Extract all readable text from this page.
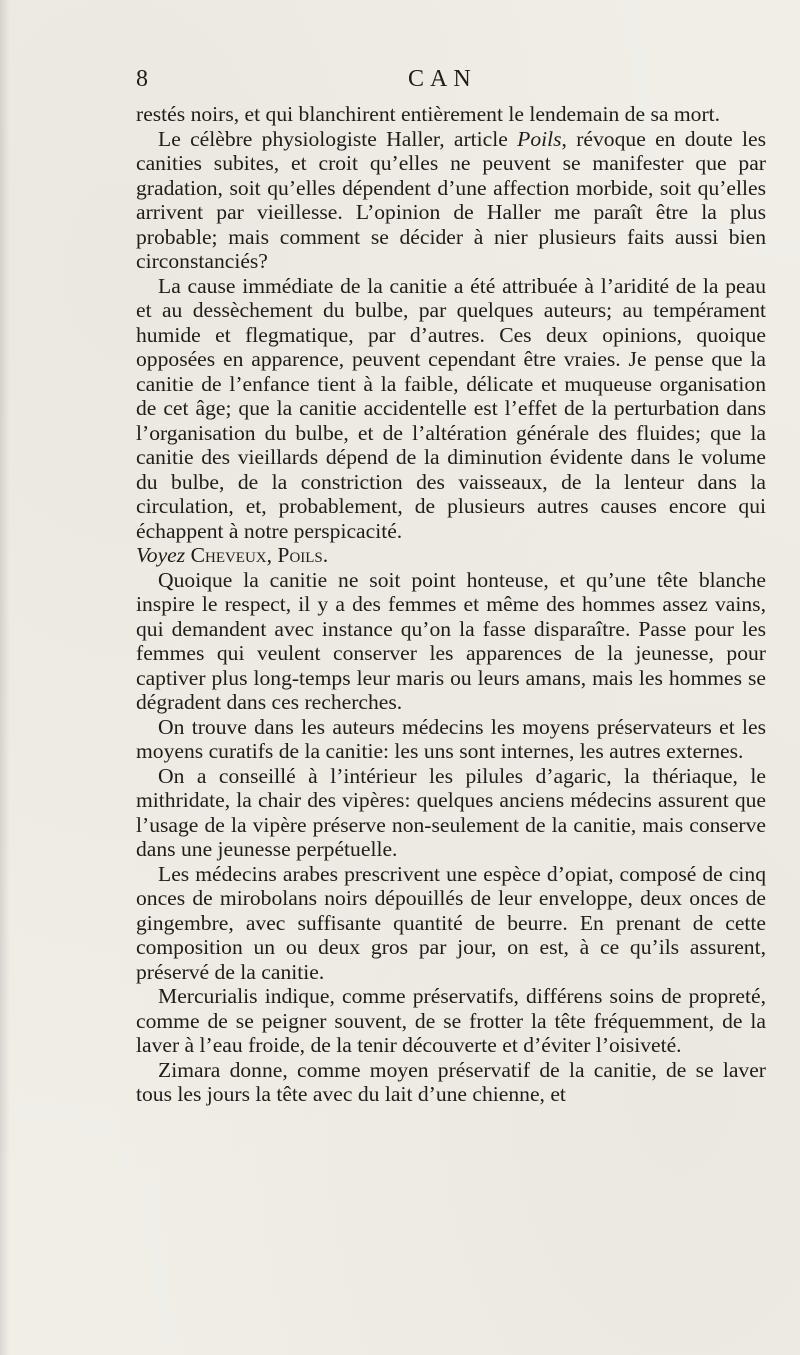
8	CAN

restés noirs, et qui blanchirent entièrement le lendemain de sa mort.

Le célèbre physiologiste Haller, article Poils, révoque en doute les canities subites, et croit qu’elles ne peuvent se manifester que par gradation, soit qu’elles dépendent d’une affection morbide, soit qu’elles arrivent par vieillesse. L’opinion de Haller me paraît être la plus probable; mais comment se décider à nier plusieurs faits aussi bien circonstanciés?

La cause immédiate de la canitie a été attribuée à l’aridité de la peau et au dessèchement du bulbe, par quelques auteurs; au tempérament humide et flegmatique, par d’autres. Ces deux opinions, quoique opposées en apparence, peuvent cependant être vraies. Je pense que la canitie de l’enfance tient à la faible, délicate et muqueuse organisation de cet âge; que la canitie accidentelle est l’effet de la perturbation dans l’organisation du bulbe, et de l’altération générale des fluides; que la canitie des vieillards dépend de la diminution évidente dans le volume du bulbe, de la constriction des vaisseaux, de la lenteur dans la circulation, et, probablement, de plusieurs autres causes encore qui échappent à notre perspicacité.
Voyez Cheveux, Poils.

Quoique la canitie ne soit point honteuse, et qu’une tête blanche inspire le respect, il y a des femmes et même des hommes assez vains, qui demandent avec instance qu’on la fasse disparaître. Passe pour les femmes qui veulent conserver les apparences de la jeunesse, pour captiver plus long-temps leur maris ou leurs amans, mais les hommes se dégradent dans ces recherches.

On trouve dans les auteurs médecins les moyens préservateurs et les moyens curatifs de la canitie: les uns sont internes, les autres externes.

On a conseillé à l’intérieur les pilules d’agaric, la thériaque, le mithridate, la chair des vipères: quelques anciens médecins assurent que l’usage de la vipère préserve non-seulement de la canitie, mais conserve dans une jeunesse perpétuelle.

Les médecins arabes prescrivent une espèce d’opiat, composé de cinq onces de mirobolans noirs dépouillés de leur enveloppe, deux onces de gingembre, avec suffisante quantité de beurre. En prenant de cette composition un ou deux gros par jour, on est, à ce qu’ils assurent, préservé de la canitie.

Mercurialis indique, comme préservatifs, différens soins de propreté, comme de se peigner souvent, de se frotter la tête fréquemment, de la laver à l’eau froide, de la tenir découverte et d’éviter l’oisiveté.

Zimara donne, comme moyen préservatif de la canitie, de se laver tous les jours la tête avec du lait d’une chienne, et
